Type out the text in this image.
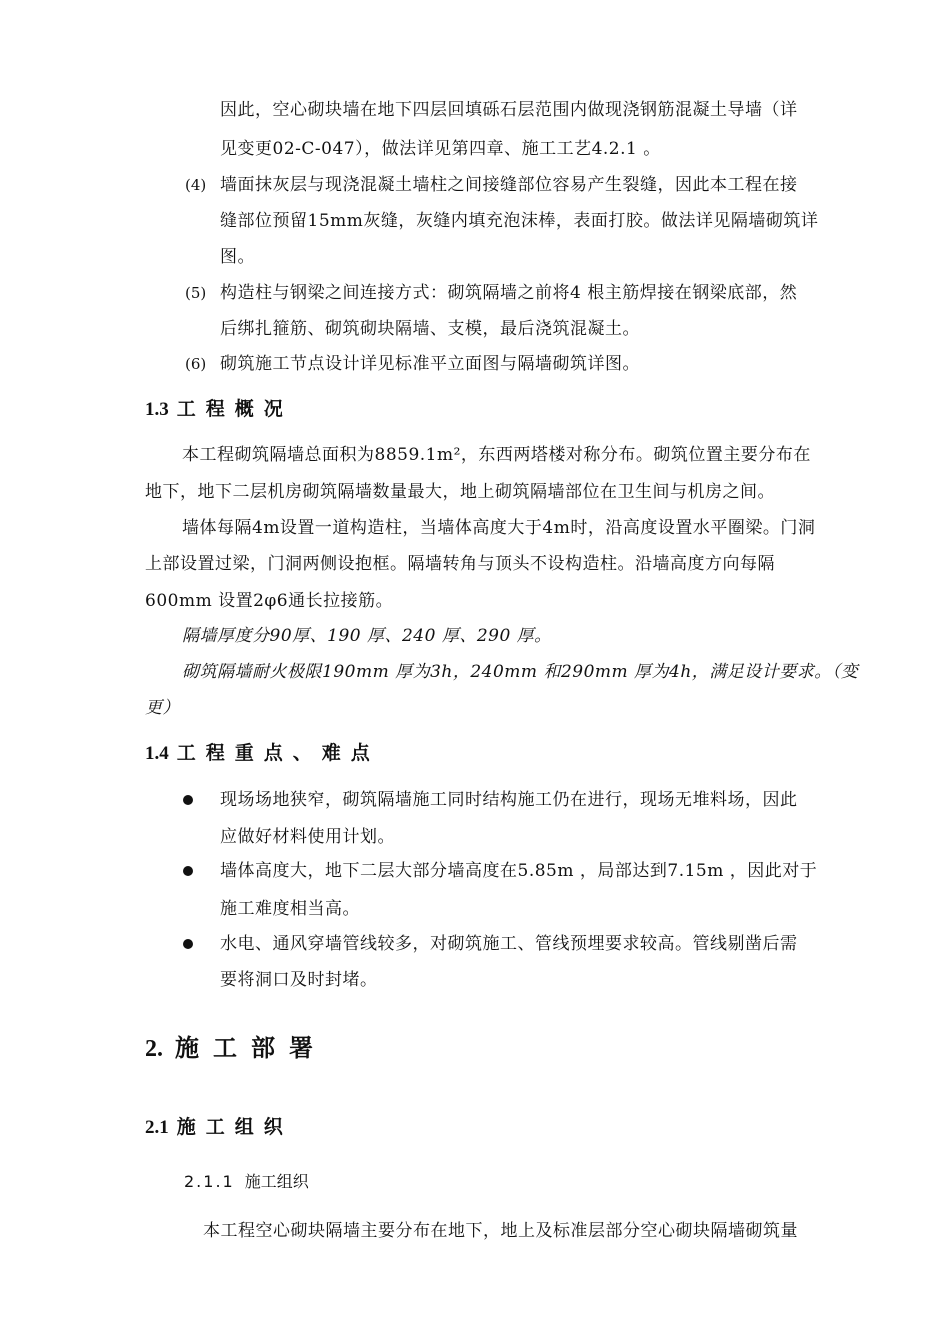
因此，空心砌块墙在地下四层回填砾石层范围内做现浇钢筋混凝土导墙（详
见变更02-C-047），做法详见第四章、施工工艺4.2.1 。
(4) 墙面抹灰层与现浇混凝土墙柱之间接缝部位容易产生裂缝，因此本工程在接
缝部位预留15mm灰缝，灰缝内填充泡沫棒，表面打胶。做法详见隔墙砌筑详
图。
(5) 构造柱与钢梁之间连接方式：砌筑隔墙之前将4 根主筋焊接在钢梁底部，然
后绑扎箍筋、砌筑砌块隔墙、支模，最后浇筑混凝土。
(6) 砌筑施工节点设计详见标准平立面图与隔墙砌筑详图。
1.3 工程概况
本工程砌筑隔墙总面积为8859.1m²，东西两塔楼对称分布。砌筑位置主要分布在
地下，地下二层机房砌筑隔墙数量最大，地上砌筑隔墙部位在卫生间与机房之间。
墙体每隔4m设置一道构造柱，当墙体高度大于4m时，沿高度设置水平圈梁。门洞
上部设置过梁，门洞两侧设抱框。隔墙转角与顶头不设构造柱。沿墙高度方向每隔
600mm 设置2φ6通长拉接筋。
隔墙厚度分90厚、190 厚、240 厚、290 厚。
砌筑隔墙耐火极限190mm 厚为3h，240mm 和290mm 厚为4h，满足设计要求。（变
更）
1.4 工程重点、难点
现场场地狭窄，砌筑隔墙施工同时结构施工仍在进行，现场无堆料场，因此
应做好材料使用计划。
墙体高度大，地下二层大部分墙高度在5.85m ，局部达到7.15m ，因此对于
施工难度相当高。
水电、通风穿墙管线较多，对砌筑施工、管线预埋要求较高。管线剔凿后需
要将洞口及时封堵。
2. 施工部署
2.1 施工组织
2.1.1 施工组织
本工程空心砌块隔墙主要分布在地下，地上及标准层部分空心砌块隔墙砌筑量
